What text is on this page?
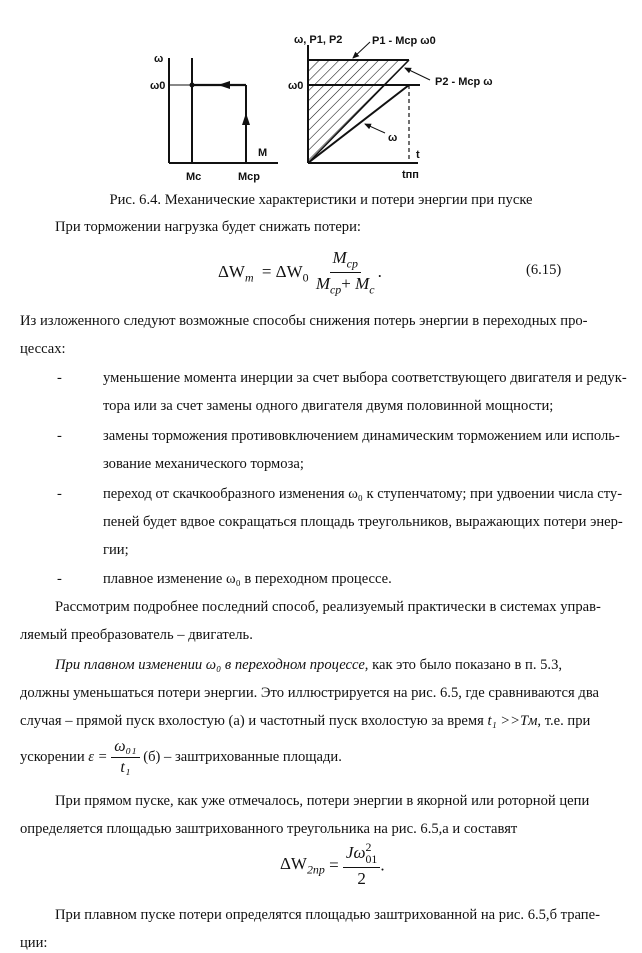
ω
ω0
M
Mс	Mср
ω, P1, P2
ω0
P1 - Mср ω0
P2 - Mср ω
ω
t
tпп
Рис. 6.4. Механические характеристики и потери энергии при пуске
При торможении нагрузка будет снижать потери:
$\Delta W_m = \Delta W_0 \frac{M_{ср}}{M_{ср}+ M_с}$ .	(6.15)
Из изложенного следуют возможные способы снижения потерь энергии в переходных про-
цессах:
-	уменьшение момента инерции за счет выбора соответствующего двигателя и редук-
тора или за счет замены одного двигателя двумя половинной мощности;
-	замены торможения противовключением динамическим торможением или исполь-
зование механического тормоза;
-	переход от скачкообразного изменения ω₀ к ступенчатому; при удвоении числа сту-
пеней будет вдвое сокращаться площадь треугольников, выражающих потери энер-
гии;
-	плавное изменение ω₀ в переходном процессе.
Рассмотрим подробнее последний способ, реализуемый практически в системах управ-
ляемый преобразователь – двигатель.
При плавном изменении ω₀ в переходном процессе, как это было показано в п. 5.3,
должны уменьшаться потери энергии. Это иллюстрируется на рис. 6.5, где сравниваются два
случая – прямой пуск вхолостую (а) и частотный пуск вхолостую за время t₁ >>Tм, т.е. при
ускорении $\varepsilon = \frac{\text{ω₀₁}}{\text{t₁}} (б)$ – заштрихованные площади.
При прямом пуске, как уже отмечалось, потери энергии в якорной или роторной цепи
определяется площадью заштрихованного треугольника на рис. 6.5,а и составят
$\Delta W_{2пр} = J\omega$ 2
01
2 .
При плавном пуске потери определятся площадью заштрихованной на рис. 6.5,б трапе-
ции:
